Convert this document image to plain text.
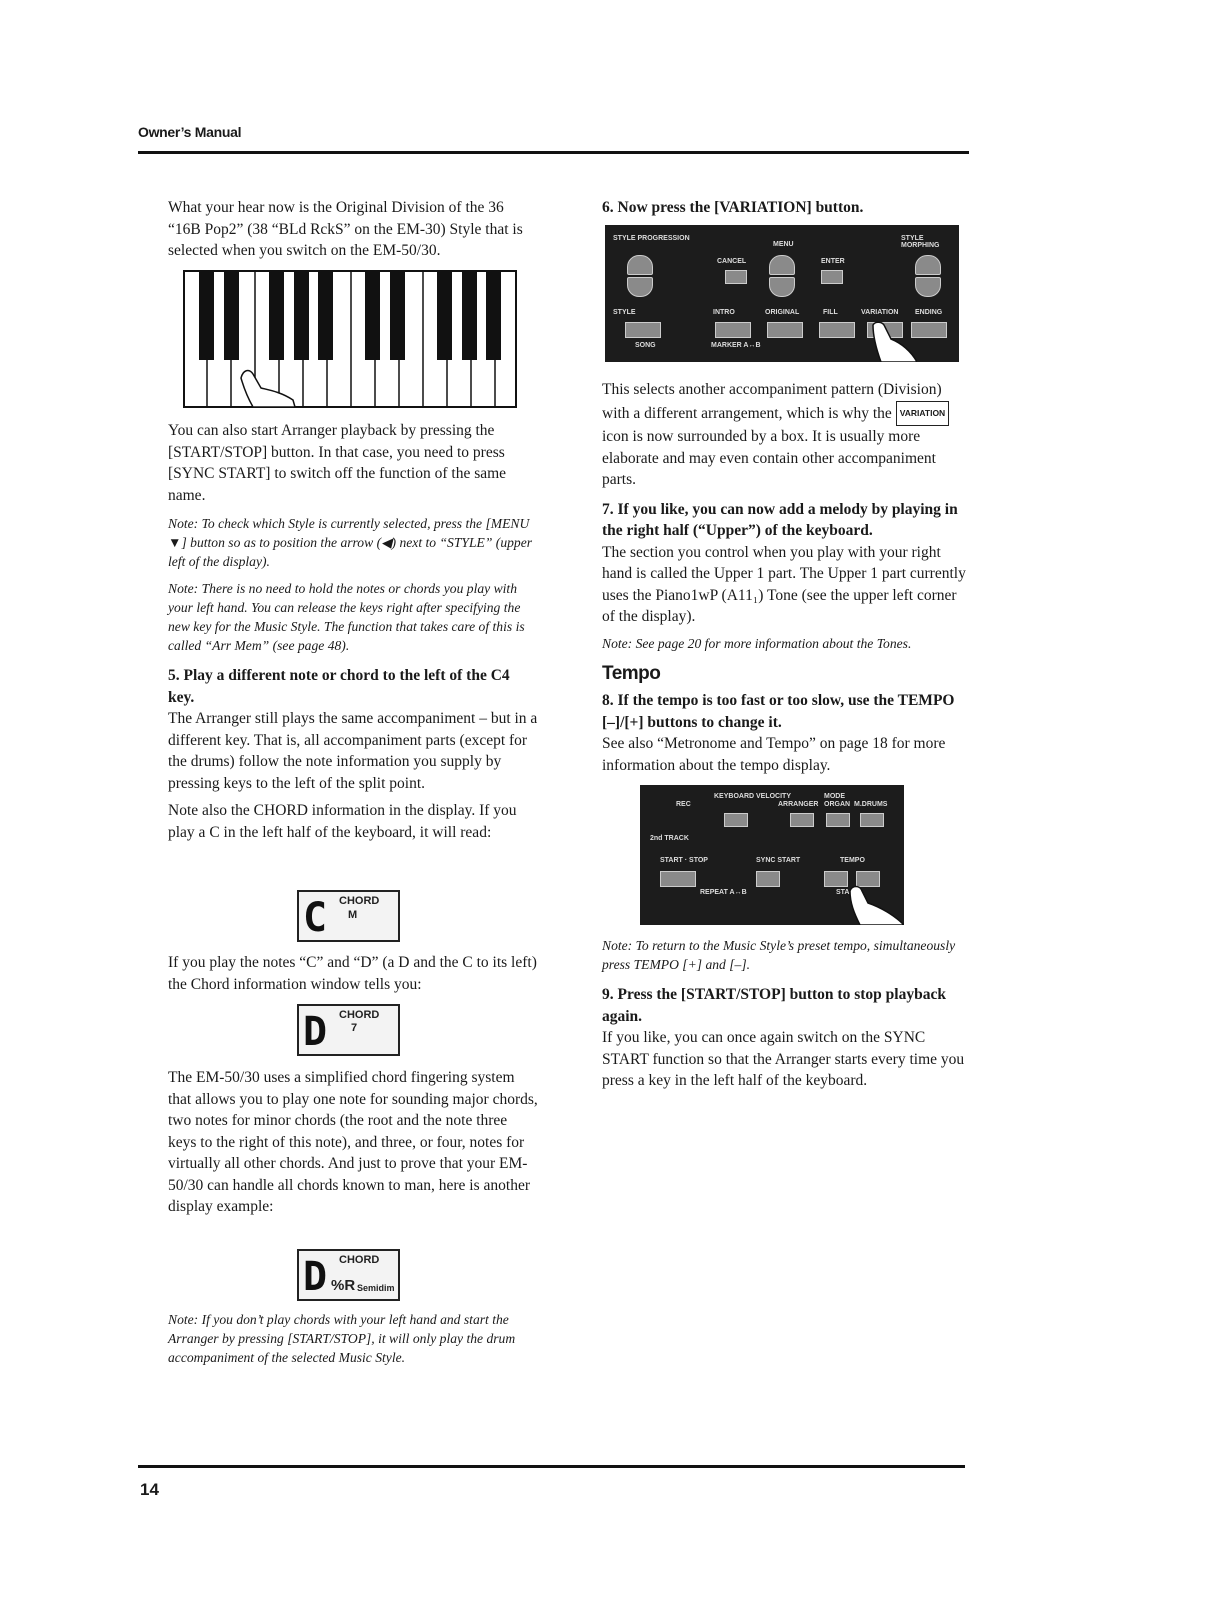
Owner’s Manual

What your hear now is the Original Division of the 36 “16B Pop2” (38 “BLd RckS” on the EM-30) Style that is selected when you switch on the EM-50/30.

You can also start Arranger playback by pressing the [START/STOP] button. In that case, you need to press [SYNC START] to switch off the function of the same name.

Note: To check which Style is currently selected, press the [MENU ▼] button so as to position the arrow (◀) next to “STYLE” (upper left of the display).

Note: There is no need to hold the notes or chords you play with your left hand. You can release the keys right after specifying the new key for the Music Style. The function that takes care of this is called “Arr Mem” (see page 48).

5. Play a different note or chord to the left of the C4 key.

The Arranger still plays the same accompaniment – but in a different key. That is, all accompaniment parts (except for the drums) follow the note information you supply by pressing keys to the left of the split point.

Note also the CHORD information in the display. If you play a C in the left half of the keyboard, it will read:

CHORD
C M

If you play the notes “C” and “D” (a D and the C to its left) the Chord information window tells you:

CHORD
D 7

The EM-50/30 uses a simplified chord fingering system that allows you to play one note for sounding major chords, two notes for minor chords (the root and the note three keys to the right of this note), and three, or four, notes for virtually all other chords. And just to prove that your EM-50/30 can handle all chords known to man, here is another display example:

CHORD
D %R Semidim

Note: If you don’t play chords with your left hand and start the Arranger by pressing [START/STOP], it will only play the drum accompaniment of the selected Music Style.

6. Now press the [VARIATION] button.

STYLE PROGRESSION
MENU
STYLE MORPHING
CANCEL	ENTER
STYLE	INTRO	ORIGINAL	FILL	VARIATION ENDING
SONG	MARKER A↔B

This selects another accompaniment pattern (Division) with a different arrangement, which is why the VARIATION icon is now surrounded by a box. It is usually more elaborate and may even contain other accompaniment parts.

7. If you like, you can now add a melody by playing in the right half (“Upper”) of the keyboard.

The section you control when you play with your right hand is called the Upper 1 part. The Upper 1 part currently uses the Piano1wP (A11₁) Tone (see the upper left corner of the display).

Note: See page 20 for more information about the Tones.

Tempo

8. If the tempo is too fast or too slow, use the TEMPO [–]/[+] buttons to change it.

See also “Metronome and Tempo” on page 18 for more information about the tempo display.

KEYBOARD VELOCITY
REC
MODE
ARRANGER ORGAN M.DRUMS
2nd TRACK
START · STOP	SYNC START	TEMPO
REPEAT A↔B	STA

Note: To return to the Music Style’s preset tempo, simultaneously press TEMPO [+] and [–].

9. Press the [START/STOP] button to stop playback again.

If you like, you can once again switch on the SYNC START function so that the Arranger starts every time you press a key in the left half of the keyboard.

14
